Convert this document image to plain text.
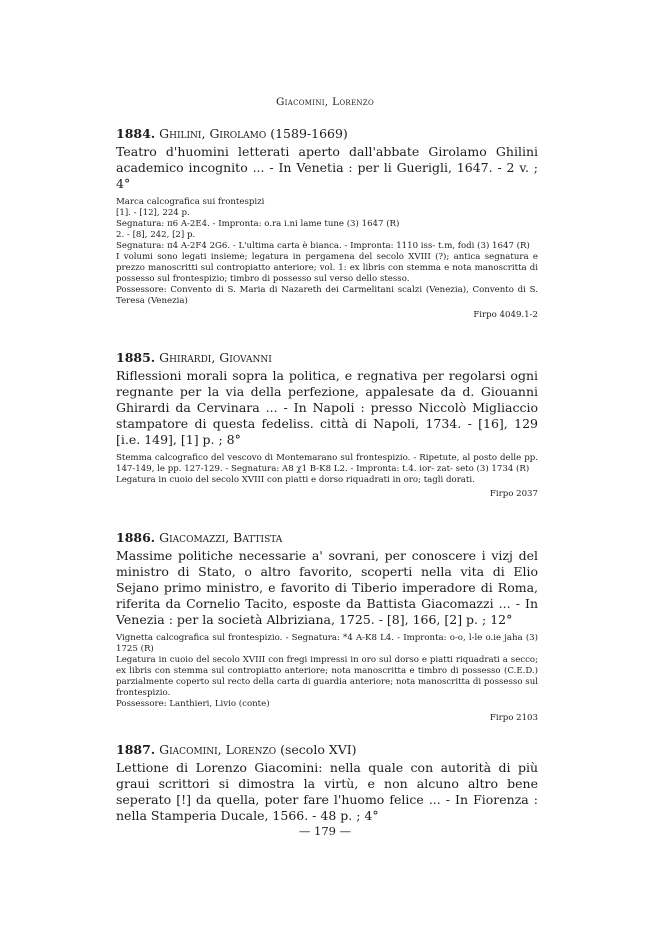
Giacomini, Lorenzo
1884. Ghilini, Girolamo (1589-1669)
Teatro d'huomini letterati aperto dall'abbate Girolamo Ghilini academico incognito ... - In Venetia : per li Guerigli, 1647. - 2 v. ; 4°
Marca calcografica sui frontespizi
[1]. - [12], 224 p.
Segnatura: π6 A-2E4. - Impronta: o.ra i.ni lame tune (3) 1647 (R)
2. - [8], 242, [2] p.
Segnatura: π4 A-2F4 2G6. - L'ultima carta è bianca. - Impronta: 1110 iss- t.m, fodi (3) 1647 (R)
I volumi sono legati insieme; legatura in pergamena del secolo XVIII (?); antica segnatura e prezzo manoscritti sul contropiatto anteriore; vol. 1: ex libris con stemma e nota manoscritta di possesso sul frontespizio; timbro di possesso sul verso dello stesso.
Possessore: Convento di S. Maria di Nazareth dei Carmelitani scalzi (Venezia), Convento di S. Teresa (Venezia)
Firpo 4049.1-2
1885. Ghirardi, Giovanni
Riflessioni morali sopra la politica, e regnativa per regolarsi ogni regnante per la via della perfezione, appalesate da d. Giouanni Ghirardi da Cervinara ... - In Napoli : presso Niccolò Migliaccio stampatore di questa fedeliss. città di Napoli, 1734. - [16], 129 [i.e. 149], [1] p. ; 8°
Stemma calcografico del vescovo di Montemarano sul frontespizio. - Ripetute, al posto delle pp. 147-149, le pp. 127-129. - Segnatura: A8 χ1 B-K8 L2. - Impronta: t.4. ior- zat- seto (3) 1734 (R)
Legatura in cuoio del secolo XVIII con piatti e dorso riquadrati in oro; tagli dorati.
Firpo 2037
1886. Giacomazzi, Battista
Massime politiche necessarie a' sovrani, per conoscere i vizj del ministro di Stato, o altro favorito, scoperti nella vita di Elio Sejano primo ministro, e favorito di Tiberio imperadore di Roma, riferita da Cornelio Tacito, esposte da Battista Giacomazzi ... - In Venezia : per la società Albriziana, 1725. - [8], 166, [2] p. ; 12°
Vignetta calcografica sul frontespizio. - Segnatura: *4 A-K8 L4. - Impronta: o-o, l-le o.ie jaha (3) 1725 (R)
Legatura in cuoio del secolo XVIII con fregi impressi in oro sul dorso e piatti riquadrati a secco; ex libris con stemma sul contropiatto anteriore; nota manoscritta e timbro di possesso (C.E.D.) parzialmente coperto sul recto della carta di guardia anteriore; nota manoscritta di possesso sul frontespizio.
Possessore: Lanthieri, Livio (conte)
Firpo 2103
1887. Giacomini, Lorenzo (secolo XVI)
Lettione di Lorenzo Giacomini: nella quale con autorità di più graui scrittori si dimostra la virtù, e non alcuno altro bene seperato [!] da quella, poter fare l'huomo felice ... - In Fiorenza : nella Stamperia Ducale, 1566. - 48 p. ; 4°
— 179 —
